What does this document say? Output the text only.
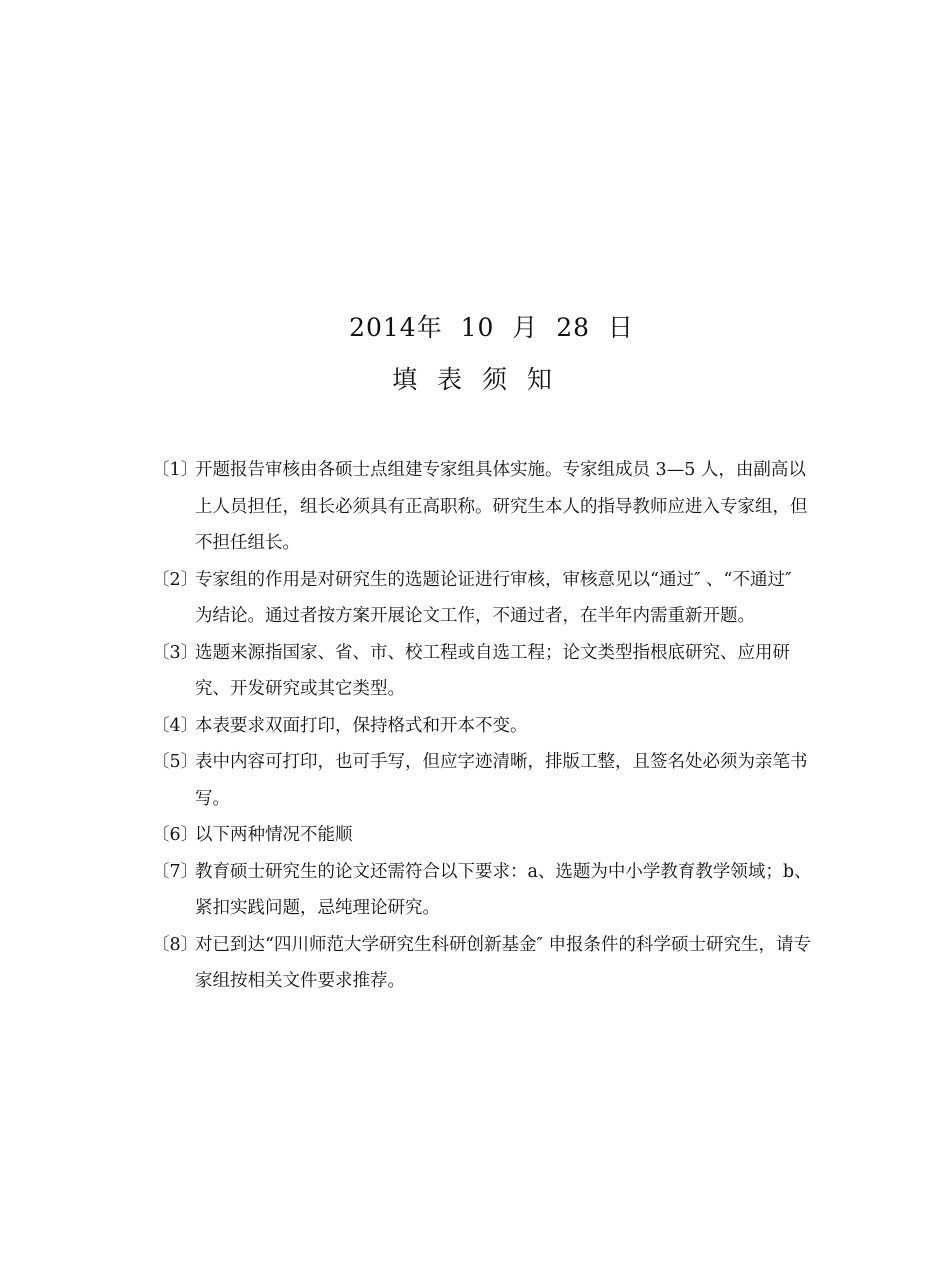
2014年  10  月  28  日
填 表 须 知
〔 1 〕 开题报告审核由各硕士点组建专家组具体实施。专家组成员 3—5 人，由副高以上人员担任，组长必须具有正高职称。研究生本人的指导教师应进入专家组，但不担任组长。
〔 2 〕 专家组的作用是对研究生的选题论证进行审核，审核意见以“通过″ 、“不通过″ 为结论。通过者按方案开展论文工作，不通过者，在半年内需重新开题。
〔 3 〕 选题来源指国家、省、市、校工程或自选工程；论文类型指根底研究、应用研究、开发研究或其它类型。
〔 4 〕 本表要求双面打印，保持格式和开本不变。
〔 5 〕 表中内容可打印，也可手写，但应字迹清晰，排版工整，且签名处必须为亲笔书写。
〔 6 〕 以下两种情况不能顺
〔 7 〕 教育硕士研究生的论文还需符合以下要求：a、选题为中小学教育教学领域；b、紧扣实践问题，忌纯理论研究。
〔 8 〕 对已到达“四川师范大学研究生科研创新基金″ 申报条件的科学硕士研究生，请专家组按相关文件要求推荐。
